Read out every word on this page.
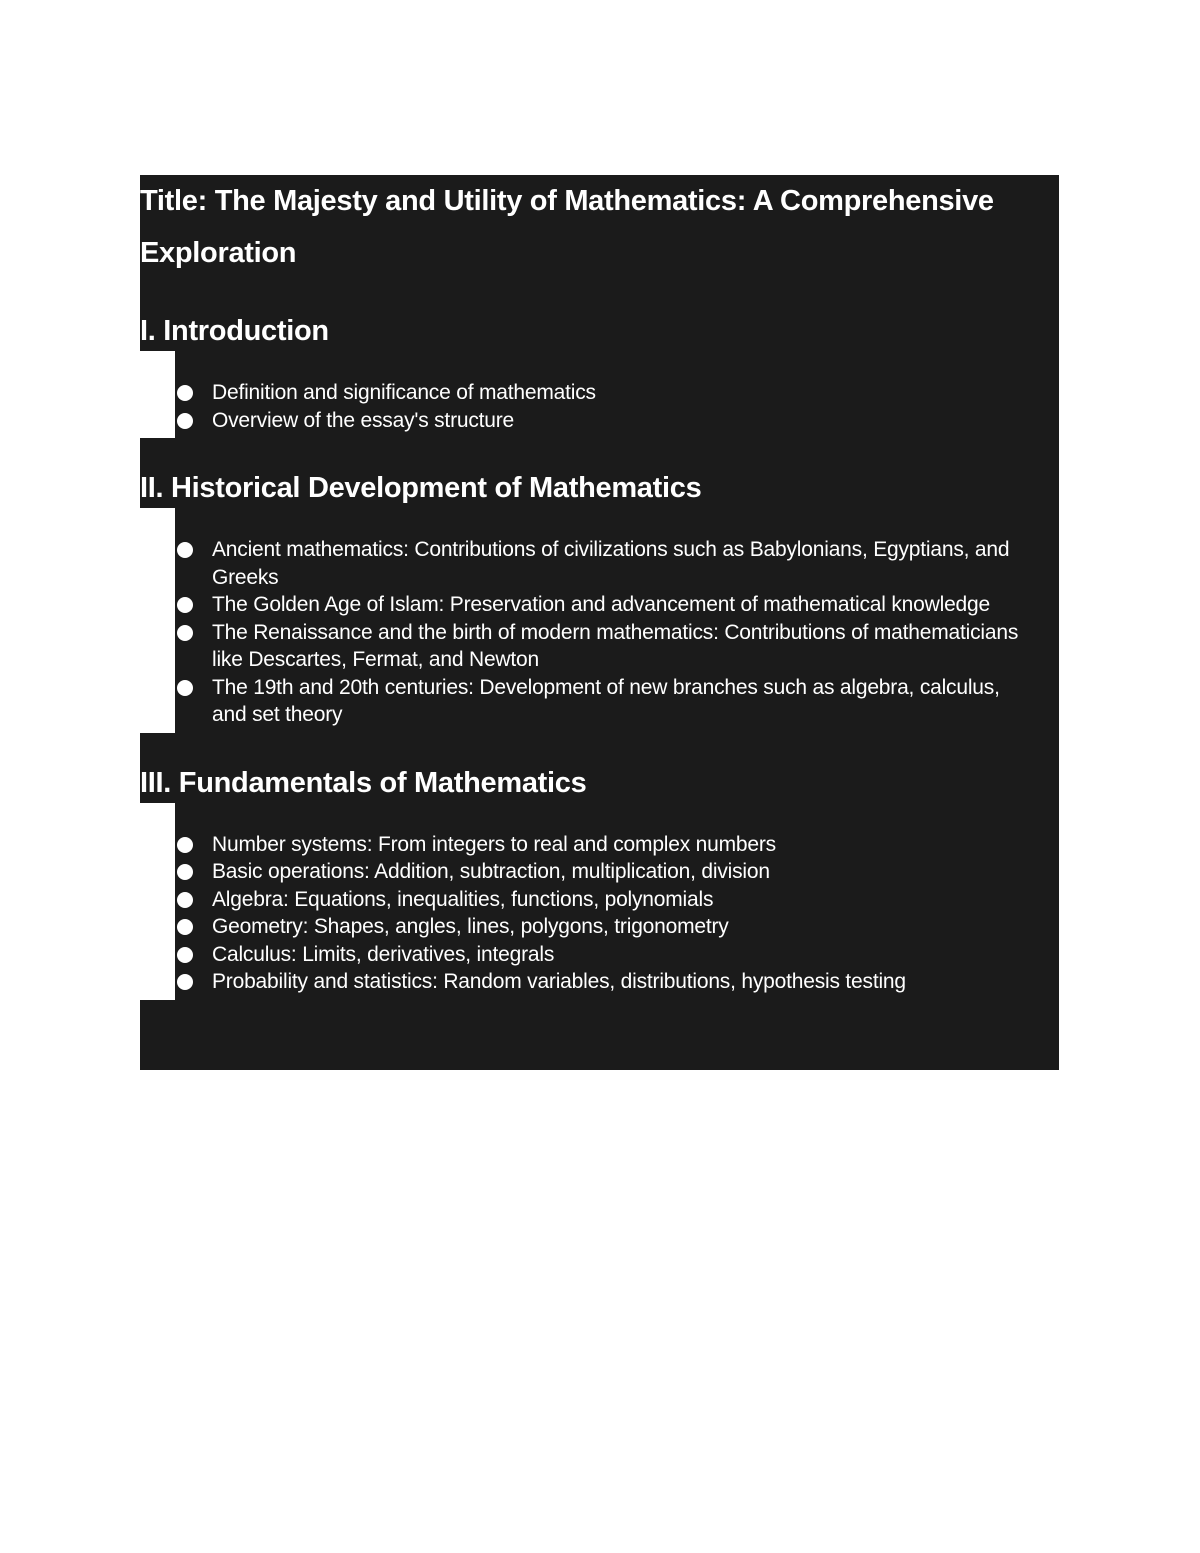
Title: The Majesty and Utility of Mathematics: A Comprehensive Exploration
I. Introduction
Definition and significance of mathematics
Overview of the essay's structure
II. Historical Development of Mathematics
Ancient mathematics: Contributions of civilizations such as Babylonians, Egyptians, and Greeks
The Golden Age of Islam: Preservation and advancement of mathematical knowledge
The Renaissance and the birth of modern mathematics: Contributions of mathematicians like Descartes, Fermat, and Newton
The 19th and 20th centuries: Development of new branches such as algebra, calculus, and set theory
III. Fundamentals of Mathematics
Number systems: From integers to real and complex numbers
Basic operations: Addition, subtraction, multiplication, division
Algebra: Equations, inequalities, functions, polynomials
Geometry: Shapes, angles, lines, polygons, trigonometry
Calculus: Limits, derivatives, integrals
Probability and statistics: Random variables, distributions, hypothesis testing
